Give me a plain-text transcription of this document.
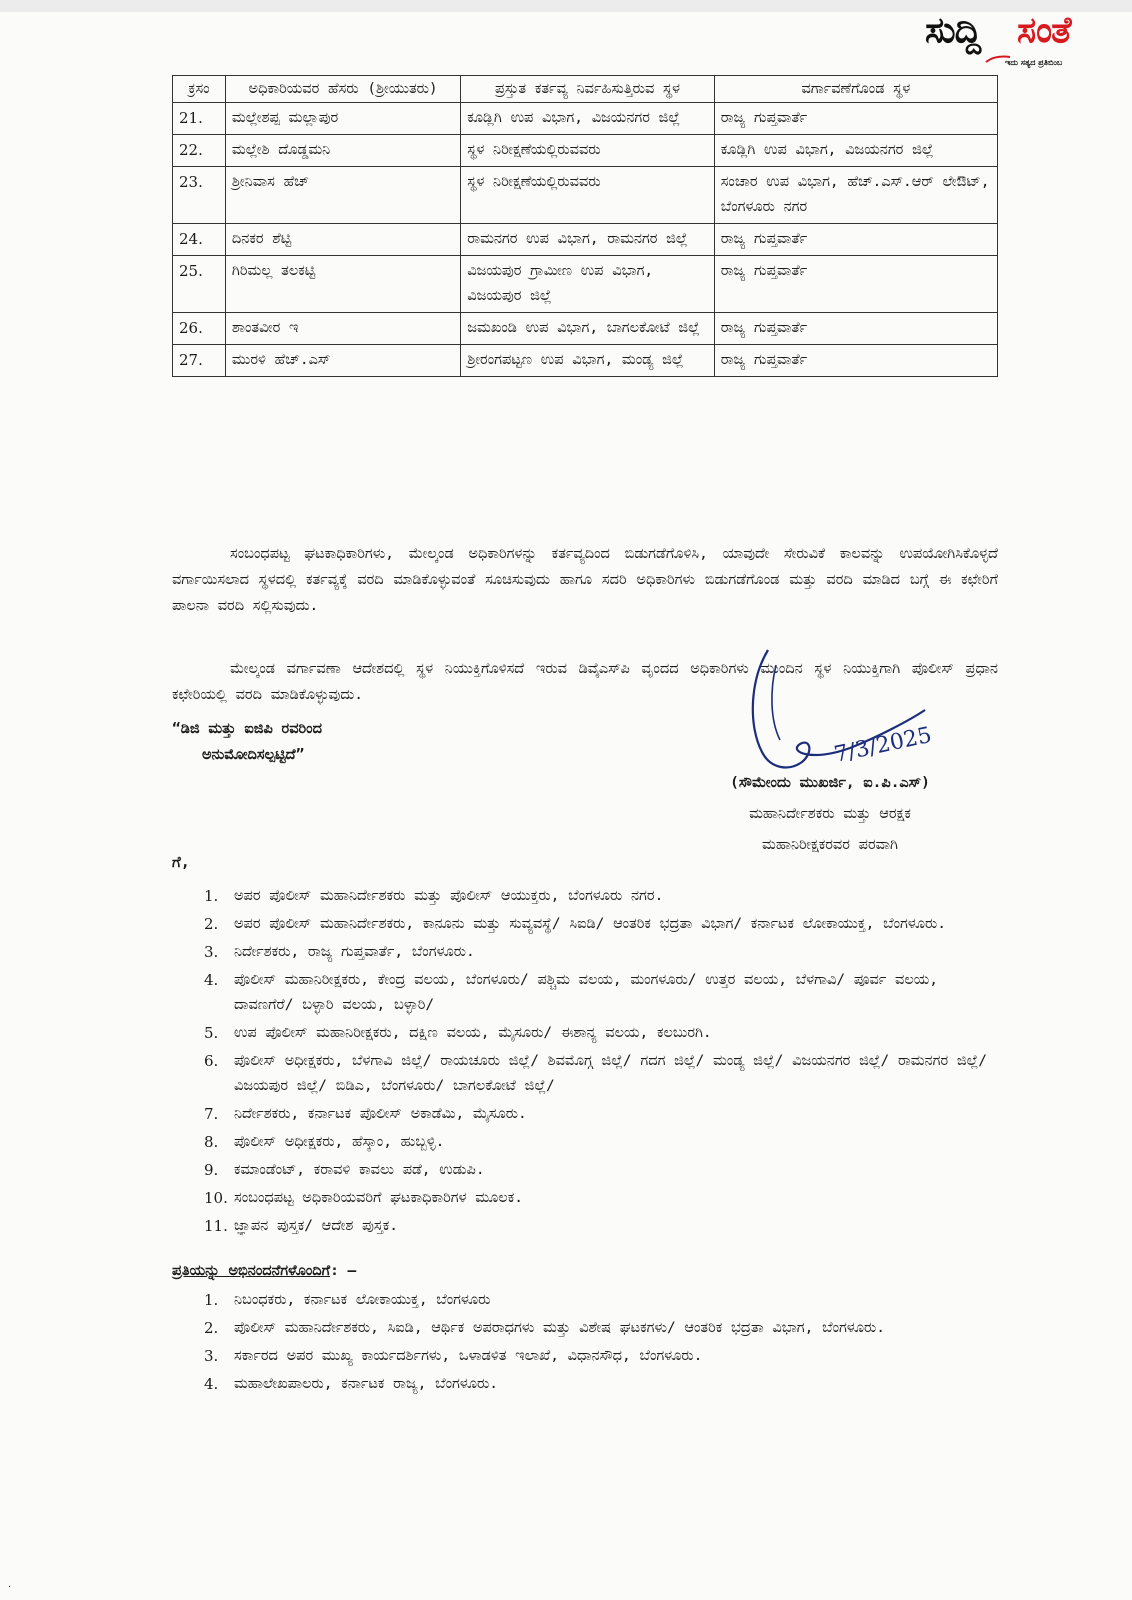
ಸುದ್ದಿ ಸಂತೆ
ಇದು ಸತ್ಯದ ಪ್ರತಿಬಿಂಬ
ಕ್ರಸಂ	ಅಧಿಕಾರಿಯವರ ಹೆಸರು (ಶ್ರೀಯುತರು)	ಪ್ರಸ್ತುತ ಕರ್ತವ್ಯ ನಿರ್ವಹಿಸುತ್ತಿರುವ ಸ್ಥಳ	ವರ್ಗಾವಣೆಗೊಂಡ ಸ್ಥಳ
21.	ಮಲ್ಲೇಶಪ್ಪ ಮಲ್ಲಾಪುರ	ಕೂಡ್ಲಿಗಿ ಉಪ ವಿಭಾಗ, ವಿಜಯನಗರ ಜಿಲ್ಲೆ	ರಾಜ್ಯ ಗುಪ್ತವಾರ್ತೆ
22.	ಮಲ್ಲೇಶಿ ದೊಡ್ಡಮನಿ	ಸ್ಥಳ ನಿರೀಕ್ಷಣೆಯಲ್ಲಿರುವವರು	ಕೂಡ್ಲಿಗಿ ಉಪ ವಿಭಾಗ, ವಿಜಯನಗರ ಜಿಲ್ಲೆ
23.	ಶ್ರೀನಿವಾಸ ಹೆಚ್	ಸ್ಥಳ ನಿರೀಕ್ಷಣೆಯಲ್ಲಿರುವವರು	ಸಂಚಾರ ಉಪ ವಿಭಾಗ, ಹೆಚ್.ಎಸ್.ಆರ್ ಲೇಔಟ್, ಬೆಂಗಳೂರು ನಗರ
24.	ದಿನಕರ ಶೆಟ್ಟಿ	ರಾಮನಗರ ಉಪ ವಿಭಾಗ, ರಾಮನಗರ ಜಿಲ್ಲೆ	ರಾಜ್ಯ ಗುಪ್ತವಾರ್ತೆ
25.	ಗಿರಿಮಲ್ಲ ತಲಕಟ್ಟಿ	ವಿಜಯಪುರ ಗ್ರಾಮೀಣ ಉಪ ವಿಭಾಗ, ವಿಜಯಪುರ ಜಿಲ್ಲೆ	ರಾಜ್ಯ ಗುಪ್ತವಾರ್ತೆ
26.	ಶಾಂತವೀರ ಇ	ಜಮಖಂಡಿ ಉಪ ವಿಭಾಗ, ಬಾಗಲಕೋಟೆ ಜಿಲ್ಲೆ	ರಾಜ್ಯ ಗುಪ್ತವಾರ್ತೆ
27.	ಮುರಳಿ ಹೆಚ್.ಎಸ್	ಶ್ರೀರಂಗಪಟ್ಟಣ ಉಪ ವಿಭಾಗ, ಮಂಡ್ಯ ಜಿಲ್ಲೆ	ರಾಜ್ಯ ಗುಪ್ತವಾರ್ತೆ
ಸಂಬಂಧಪಟ್ಟ ಘಟಕಾಧಿಕಾರಿಗಳು, ಮೇಲ್ಕಂಡ ಅಧಿಕಾರಿಗಳನ್ನು ಕರ್ತವ್ಯದಿಂದ ಬಿಡುಗಡೆಗೊಳಿಸಿ, ಯಾವುದೇ ಸೇರುವಿಕೆ ಕಾಲವನ್ನು ಉಪಯೋಗಿಸಿಕೊಳ್ಳದೆ ವರ್ಗಾಯಿಸಲಾದ ಸ್ಥಳದಲ್ಲಿ ಕರ್ತವ್ಯಕ್ಕೆ ವರದಿ ಮಾಡಿಕೊಳ್ಳುವಂತೆ ಸೂಚಿಸುವುದು ಹಾಗೂ ಸದರಿ ಅಧಿಕಾರಿಗಳು ಬಿಡುಗಡೆಗೊಂಡ ಮತ್ತು ವರದಿ ಮಾಡಿದ ಬಗ್ಗೆ ಈ ಕಛೇರಿಗೆ ಪಾಲನಾ ವರದಿ ಸಲ್ಲಿಸುವುದು.
ಮೇಲ್ಕಂಡ ವರ್ಗಾವಣಾ ಆದೇಶದಲ್ಲಿ ಸ್ಥಳ ನಿಯುಕ್ತಿಗೊಳಿಸದೆ ಇರುವ ಡಿವೈಎಸ್‌ಪಿ ವೃಂದದ ಅಧಿಕಾರಿಗಳು ಮುಂದಿನ ಸ್ಥಳ ನಿಯುಕ್ತಿಗಾಗಿ ಪೊಲೀಸ್ ಪ್ರಧಾನ ಕಛೇರಿಯಲ್ಲಿ ವರದಿ ಮಾಡಿಕೊಳ್ಳುವುದು.
“ಡಿಜಿ ಮತ್ತು ಐಜಿಪಿ ರವರಿಂದ
ಅನುಮೋದಿಸಲ್ಪಟ್ಟಿದೆ”	7/3/2025
(ಸೌಮೇಂದು ಮುಖರ್ಜಿ, ಐ.ಪಿ.ಎಸ್)
ಮಹಾನಿರ್ದೇಶಕರು ಮತ್ತು ಆರಕ್ಷಕ
ಮಹಾನಿರೀಕ್ಷಕರವರ ಪರವಾಗಿ
ಗೆ,
1. ಅಪರ ಪೊಲೀಸ್ ಮಹಾನಿರ್ದೇಶಕರು ಮತ್ತು ಪೊಲೀಸ್ ಆಯುಕ್ತರು, ಬೆಂಗಳೂರು ನಗರ.
2. ಅಪರ ಪೊಲೀಸ್ ಮಹಾನಿರ್ದೇಶಕರು, ಕಾನೂನು ಮತ್ತು ಸುವ್ಯವಸ್ಥೆ/ ಸಿಐಡಿ/ ಆಂತರಿಕ ಭದ್ರತಾ ವಿಭಾಗ/ ಕರ್ನಾಟಕ ಲೋಕಾಯುಕ್ತ, ಬೆಂಗಳೂರು.
3. ನಿರ್ದೇಶಕರು, ರಾಜ್ಯ ಗುಪ್ತವಾರ್ತೆ, ಬೆಂಗಳೂರು.
4. ಪೊಲೀಸ್ ಮಹಾನಿರೀಕ್ಷಕರು, ಕೇಂದ್ರ ವಲಯ, ಬೆಂಗಳೂರು/ ಪಶ್ಚಿಮ ವಲಯ, ಮಂಗಳೂರು/ ಉತ್ತರ ವಲಯ, ಬೆಳಗಾವಿ/ ಪೂರ್ವ ವಲಯ, ದಾವಣಗೆರೆ/ ಬಳ್ಳಾರಿ ವಲಯ, ಬಳ್ಳಾರಿ/
5. ಉಪ ಪೊಲೀಸ್ ಮಹಾನಿರೀಕ್ಷಕರು, ದಕ್ಷಿಣ ವಲಯ, ಮೈಸೂರು/ ಈಶಾನ್ಯ ವಲಯ, ಕಲಬುರಗಿ.
6. ಪೊಲೀಸ್ ಅಧೀಕ್ಷಕರು, ಬೆಳಗಾವಿ ಜಿಲ್ಲೆ/ ರಾಯಚೂರು ಜಿಲ್ಲೆ/ ಶಿವಮೊಗ್ಗ ಜಿಲ್ಲೆ/ ಗದಗ ಜಿಲ್ಲೆ/ ಮಂಡ್ಯ ಜಿಲ್ಲೆ/ ವಿಜಯನಗರ ಜಿಲ್ಲೆ/ ರಾಮನಗರ ಜಿಲ್ಲೆ/ ವಿಜಯಪುರ ಜಿಲ್ಲೆ/ ಬಿಡಿಎ, ಬೆಂಗಳೂರು/ ಬಾಗಲಕೋಟೆ ಜಿಲ್ಲೆ/
7. ನಿರ್ದೇಶಕರು, ಕರ್ನಾಟಕ ಪೊಲೀಸ್ ಅಕಾಡೆಮಿ, ಮೈಸೂರು.
8. ಪೊಲೀಸ್ ಅಧೀಕ್ಷಕರು, ಹೆಸ್ಕಾಂ, ಹುಬ್ಬಳ್ಳಿ.
9. ಕಮಾಂಡೆಂಟ್, ಕರಾವಳಿ ಕಾವಲು ಪಡೆ, ಉಡುಪಿ.
10. ಸಂಬಂಧಪಟ್ಟ ಅಧಿಕಾರಿಯವರಿಗೆ ಘಟಕಾಧಿಕಾರಿಗಳ ಮೂಲಕ.
11. ಜ್ಞಾಪನ ಪುಸ್ತಕ/ ಆದೇಶ ಪುಸ್ತಕ.
ಪ್ರತಿಯನ್ನು ಅಭಿನಂದನೆಗಳೊಂದಿಗೆ: –
1. ನಿಬಂಧಕರು, ಕರ್ನಾಟಕ ಲೋಕಾಯುಕ್ತ, ಬೆಂಗಳೂರು
2. ಪೊಲೀಸ್ ಮಹಾನಿರ್ದೇಶಕರು, ಸಿಐಡಿ, ಆರ್ಥಿಕ ಅಪರಾಧಗಳು ಮತ್ತು ವಿಶೇಷ ಘಟಕಗಳು/ ಆಂತರಿಕ ಭದ್ರತಾ ವಿಭಾಗ, ಬೆಂಗಳೂರು.
3. ಸರ್ಕಾರದ ಅಪರ ಮುಖ್ಯ ಕಾರ್ಯದರ್ಶಿಗಳು, ಒಳಾಡಳಿತ ಇಲಾಖೆ, ವಿಧಾನಸೌಧ, ಬೆಂಗಳೂರು.
4. ಮಹಾಲೇಖಪಾಲರು, ಕರ್ನಾಟಕ ರಾಜ್ಯ, ಬೆಂಗಳೂರು.
·
